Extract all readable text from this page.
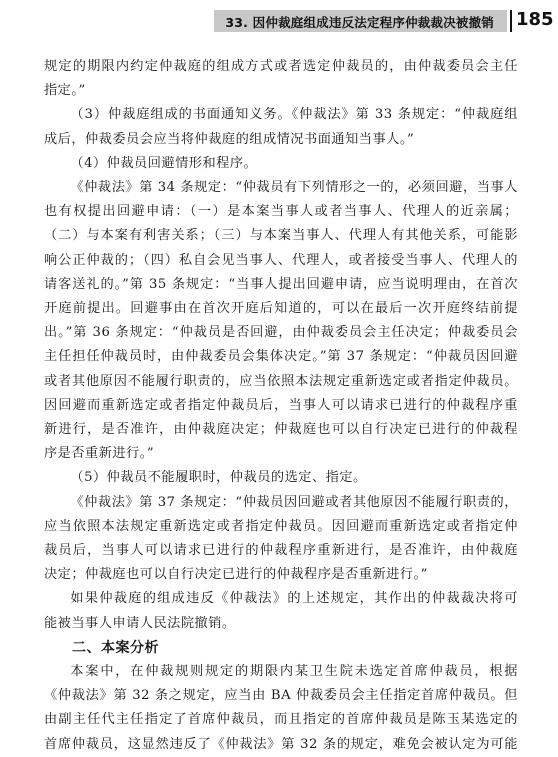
33. 因仲裁庭组成违反法定程序仲裁裁决被撤销 185

规定的期限内约定仲裁庭的组成方式或者选定仲裁员的，由仲裁委员会主任

指定。”

（3）仲裁庭组成的书面通知义务。《仲裁法》第 33 条规定：“仲裁庭组

成后，仲裁委员会应当将仲裁庭的组成情况书面通知当事人。”

（4）仲裁员回避情形和程序。

《仲裁法》第 34 条规定：“仲裁员有下列情形之一的，必须回避，当事人

也有权提出回避申请：（一）是本案当事人或者当事人、代理人的近亲属；

（二）与本案有利害关系；（三）与本案当事人、代理人有其他关系，可能影

响公正仲裁的；（四）私自会见当事人、代理人，或者接受当事人、代理人的

请客送礼的。”第 35 条规定：“当事人提出回避申请，应当说明理由，在首次

开庭前提出。回避事由在首次开庭后知道的，可以在最后一次开庭终结前提

出。”第 36 条规定：“仲裁员是否回避，由仲裁委员会主任决定；仲裁委员会

主任担任仲裁员时，由仲裁委员会集体决定。”第 37 条规定：“仲裁员因回避

或者其他原因不能履行职责的，应当依照本法规定重新选定或者指定仲裁员。

因回避而重新选定或者指定仲裁员后，当事人可以请求已进行的仲裁程序重

新进行，是否准许，由仲裁庭决定；仲裁庭也可以自行决定已进行的仲裁程

序是否重新进行。”

（5）仲裁员不能履职时，仲裁员的选定、指定。

《仲裁法》第 37 条规定：“仲裁员因回避或者其他原因不能履行职责的，

应当依照本法规定重新选定或者指定仲裁员。因回避而重新选定或者指定仲

裁员后，当事人可以请求已进行的仲裁程序重新进行，是否准许，由仲裁庭

决定；仲裁庭也可以自行决定已进行的仲裁程序是否重新进行。”

如果仲裁庭的组成违反《仲裁法》的上述规定，其作出的仲裁裁决将可

能被当事人申请人民法院撤销。

二、本案分析

本案中，在仲裁规则规定的期限内某卫生院未选定首席仲裁员，根据

《仲裁法》第 32 条之规定，应当由 BA 仲裁委员会主任指定首席仲裁员。但

由副主任代主任指定了首席仲裁员，而且指定的首席仲裁员是陈玉某选定的

首席仲裁员，这显然违反了《仲裁法》第 32 条的规定，难免会被认定为可能
